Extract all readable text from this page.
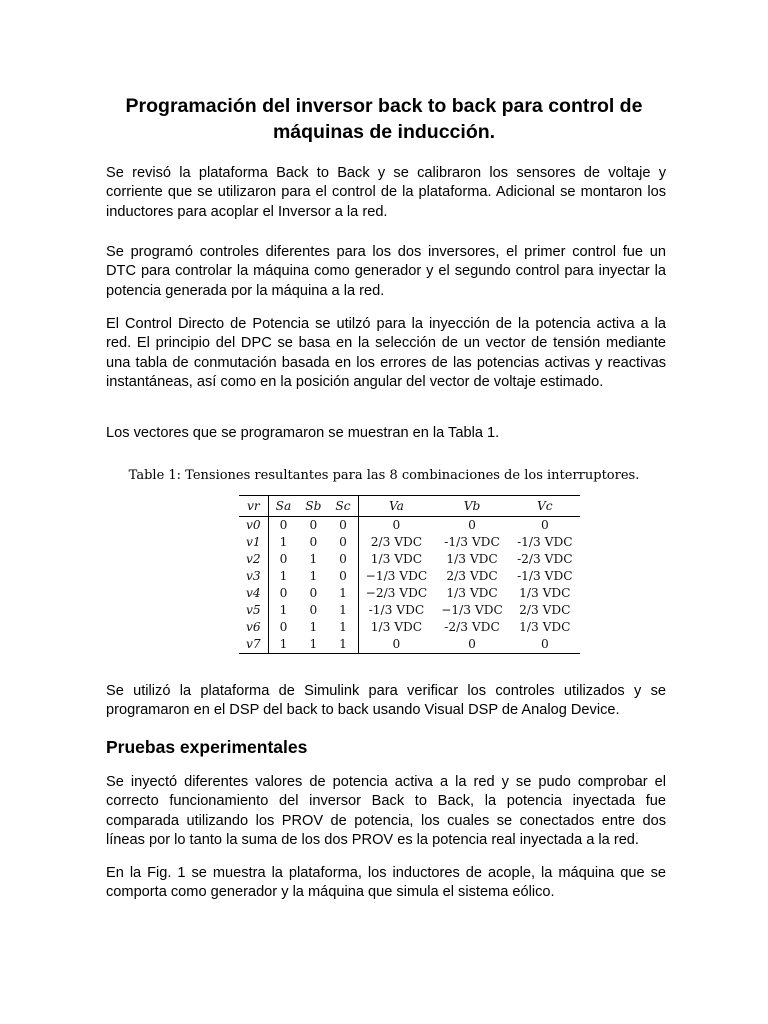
Programación del inversor back to back para control de máquinas de inducción.

Se revisó la plataforma Back to Back y se calibraron los sensores de voltaje y corriente que se utilizaron para el control de la plataforma. Adicional se montaron los inductores para acoplar el Inversor a la red.

Se programó controles diferentes para los dos inversores, el primer control fue un DTC para controlar la máquina como generador y el segundo control para inyectar la potencia generada por la máquina a la red.

El Control Directo de Potencia se utilzó para la inyección de la potencia activa a la red. El principio del DPC se basa en la selección de un vector de tensión mediante una tabla de conmutación basada en los errores de las potencias activas y reactivas instantáneas, así como en la posición angular del vector de voltaje estimado.

Los vectores que se programaron se muestran en la Tabla 1.

Table 1: Tensiones resultantes para las 8 combinaciones de los interruptores.
vr	Sa	Sb	Sc	Va	Vb	Vc
v0	0	0	0	0	0	0
v1	1	0	0	2/3 VDC	-1/3 VDC	-1/3 VDC
v2	0	1	0	1/3 VDC	1/3 VDC	-2/3 VDC
v3	1	1	0	−1/3 VDC	2/3 VDC	-1/3 VDC
v4	0	0	1	−2/3 VDC	1/3 VDC	1/3 VDC
v5	1	0	1	-1/3 VDC	−1/3 VDC	2/3 VDC
v6	0	1	1	1/3 VDC	-2/3 VDC	1/3 VDC
v7	1	1	1	0	0	0

Se utilizó la plataforma de Simulink para verificar los controles utilizados y se programaron en el DSP del back to back usando Visual DSP de Analog Device.

Pruebas experimentales

Se inyectó diferentes valores de potencia activa a la red y se pudo comprobar el correcto funcionamiento del inversor Back to Back, la potencia inyectada fue comparada utilizando los PROV de potencia, los cuales se conectados entre dos líneas por lo tanto la suma de los dos PROV es la potencia real inyectada a la red.

En la Fig. 1 se muestra la plataforma, los inductores de acople, la máquina que se comporta como generador y la máquina que simula el sistema eólico.
